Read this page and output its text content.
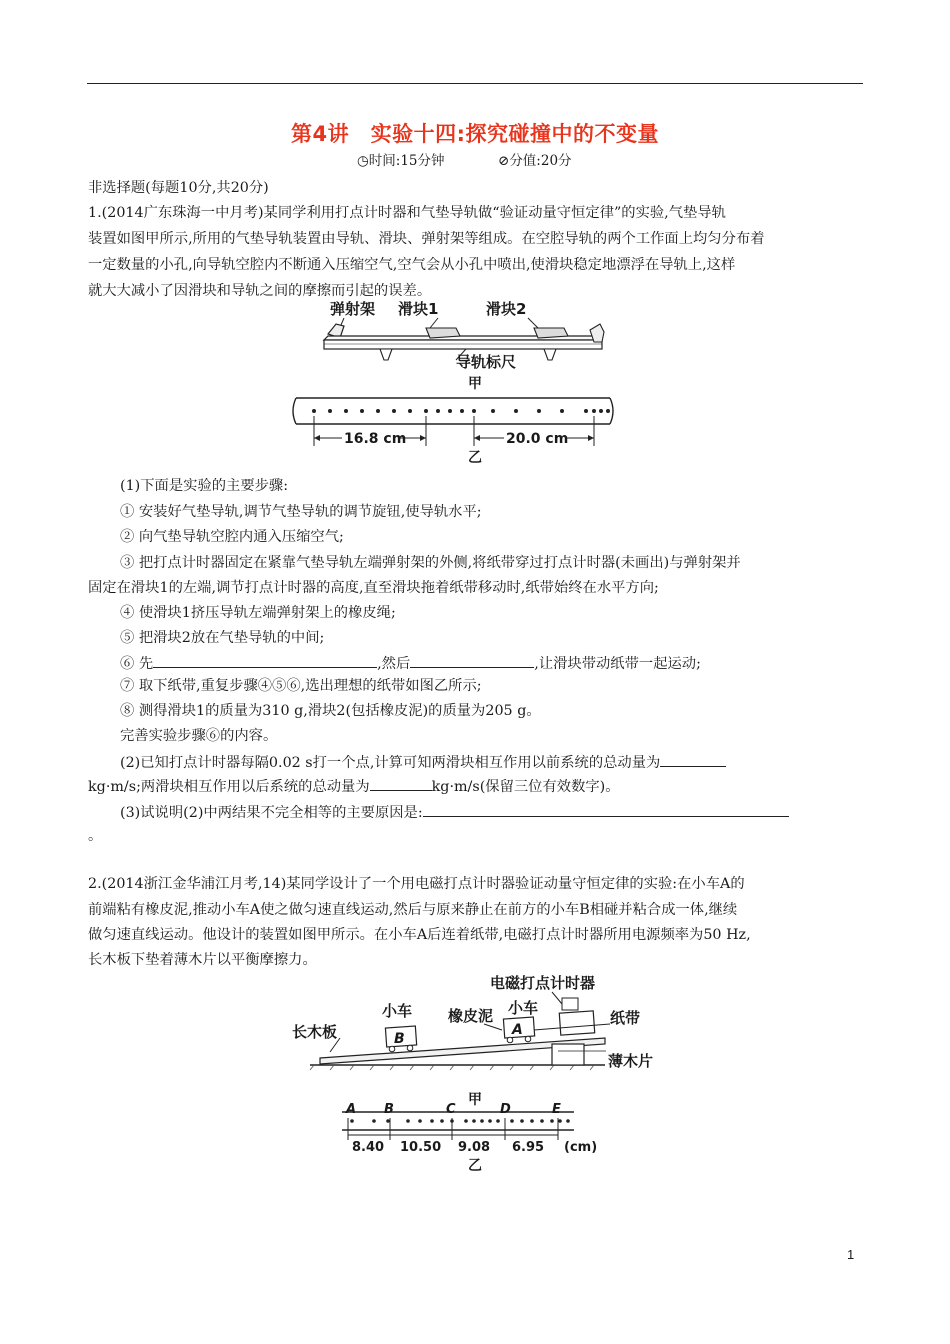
第4讲　实验十四:探究碰撞中的不变量
◷时间:15分钟	⊘分值:20分
非选择题(每题10分,共20分)
1.(2014广东珠海一中月考)某同学利用打点计时器和气垫导轨做“验证动量守恒定律”的实验,气垫导轨
装置如图甲所示,所用的气垫导轨装置由导轨、滑块、弹射架等组成。在空腔导轨的两个工作面上均匀分布着
一定数量的小孔,向导轨空腔内不断通入压缩空气,空气会从小孔中喷出,使滑块稳定地漂浮在导轨上,这样
就大大减小了因滑块和导轨之间的摩擦而引起的误差。
弹射架 滑块1	滑块2
导轨标尺
甲
16.8 cm	20.0 cm
乙
(1)下面是实验的主要步骤:
① 安装好气垫导轨,调节气垫导轨的调节旋钮,使导轨水平;
② 向气垫导轨空腔内通入压缩空气;
③ 把打点计时器固定在紧靠气垫导轨左端弹射架的外侧,将纸带穿过打点计时器(未画出)与弹射架并
固定在滑块1的左端,调节打点计时器的高度,直至滑块拖着纸带移动时,纸带始终在水平方向;
④ 使滑块1挤压导轨左端弹射架上的橡皮绳;
⑤ 把滑块2放在气垫导轨的中间;
⑥ 先	,然后	,让滑块带动纸带一起运动;
⑦ 取下纸带,重复步骤④⑤⑥,选出理想的纸带如图乙所示;
⑧ 测得滑块1的质量为310 g,滑块2(包括橡皮泥)的质量为205 g。
完善实验步骤⑥的内容。
(2)已知打点计时器每隔0.02 s打一个点,计算可知两滑块相互作用以前系统的总动量为
kg·m/s;两滑块相互作用以后系统的总动量为	kg·m/s(保留三位有效数字)。
(3)试说明(2)中两结果不完全相等的主要原因是:
。
2.(2014浙江金华浦江月考,14)某同学设计了一个用电磁打点计时器验证动量守恒定律的实验:在小车A的
前端粘有橡皮泥,推动小车A使之做匀速直线运动,然后与原来静止在前方的小车B相碰并粘合成一体,继续
做匀速直线运动。他设计的装置如图甲所示。在小车A后连着纸带,电磁打点计时器所用电源频率为50 Hz,
长木板下垫着薄木片以平衡摩擦力。
电磁打点计时器
小车	小车
橡皮泥	纸带
长木板
薄木片
B
A
甲
A B	C	D	E
8.40 10.50 9.08 6.95 (cm)
乙
1
